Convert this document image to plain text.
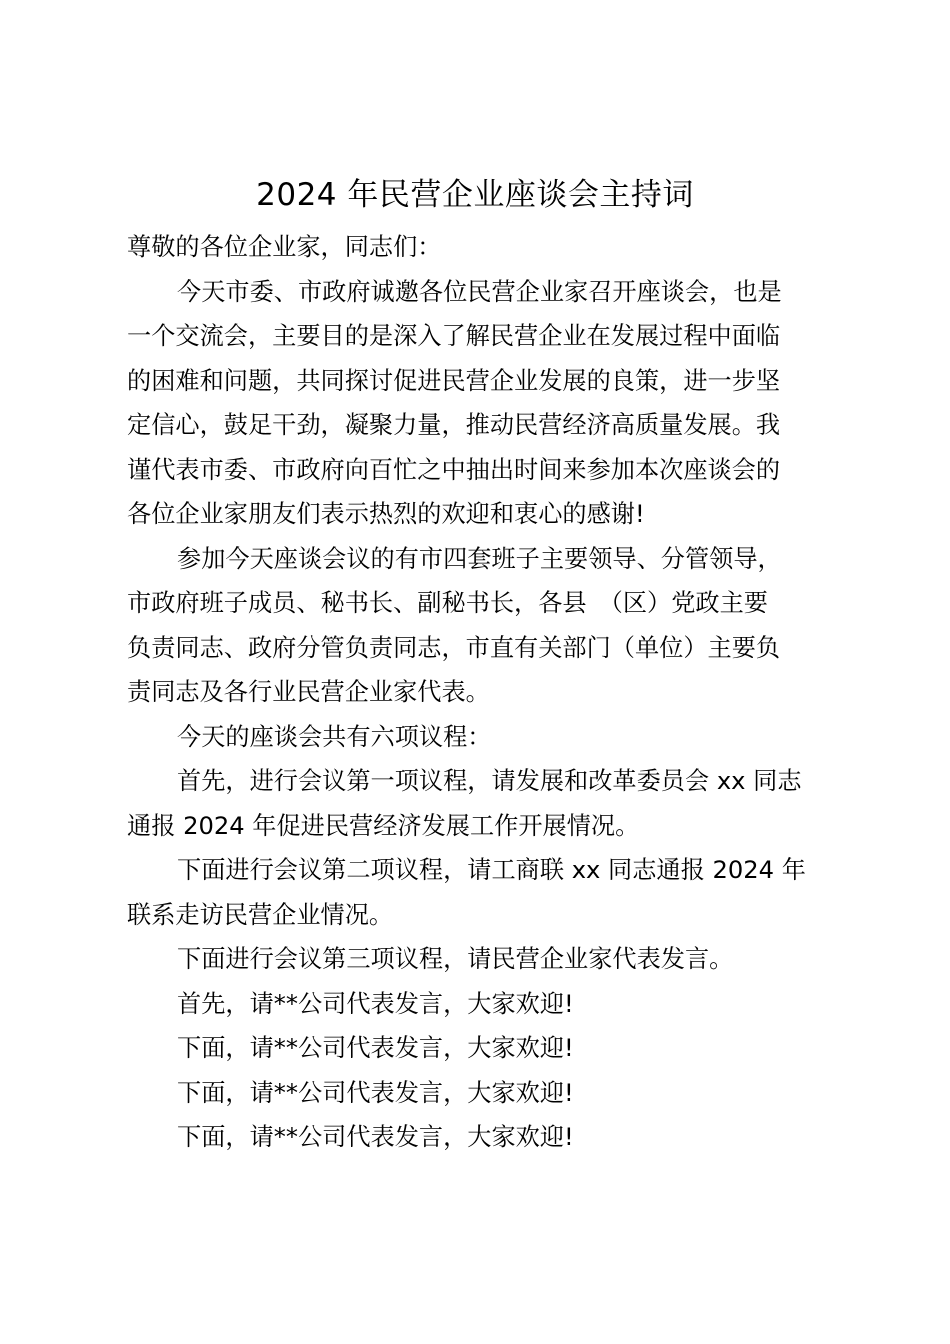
2024 年民营企业座谈会主持词
尊敬的各位企业家，同志们：
今天市委、市政府诚邀各位民营企业家召开座谈会，也是
一个交流会，主要目的是深入了解民营企业在发展过程中面临
的困难和问题，共同探讨促进民营企业发展的良策，进一步坚
定信心，鼓足干劲，凝聚力量，推动民营经济高质量发展。我
谨代表市委、市政府向百忙之中抽出时间来参加本次座谈会的
各位企业家朋友们表示热烈的欢迎和衷心的感谢!
参加今天座谈会议的有市四套班子主要领导、分管领导，
市政府班子成员、秘书长、副秘书长，各县　（区）党政主要
负责同志、政府分管负责同志，市直有关部门（单位）主要负
责同志及各行业民营企业家代表。
今天的座谈会共有六项议程：
首先，进行会议第一项议程，请发展和改革委员会 xx 同志
通报 2024 年促进民营经济发展工作开展情况。
下面进行会议第二项议程，请工商联 xx 同志通报 2024 年
联系走访民营企业情况。
下面进行会议第三项议程，请民营企业家代表发言。
首先，请**公司代表发言，大家欢迎!
下面，请**公司代表发言，大家欢迎!
下面，请**公司代表发言，大家欢迎!
下面，请**公司代表发言，大家欢迎!
